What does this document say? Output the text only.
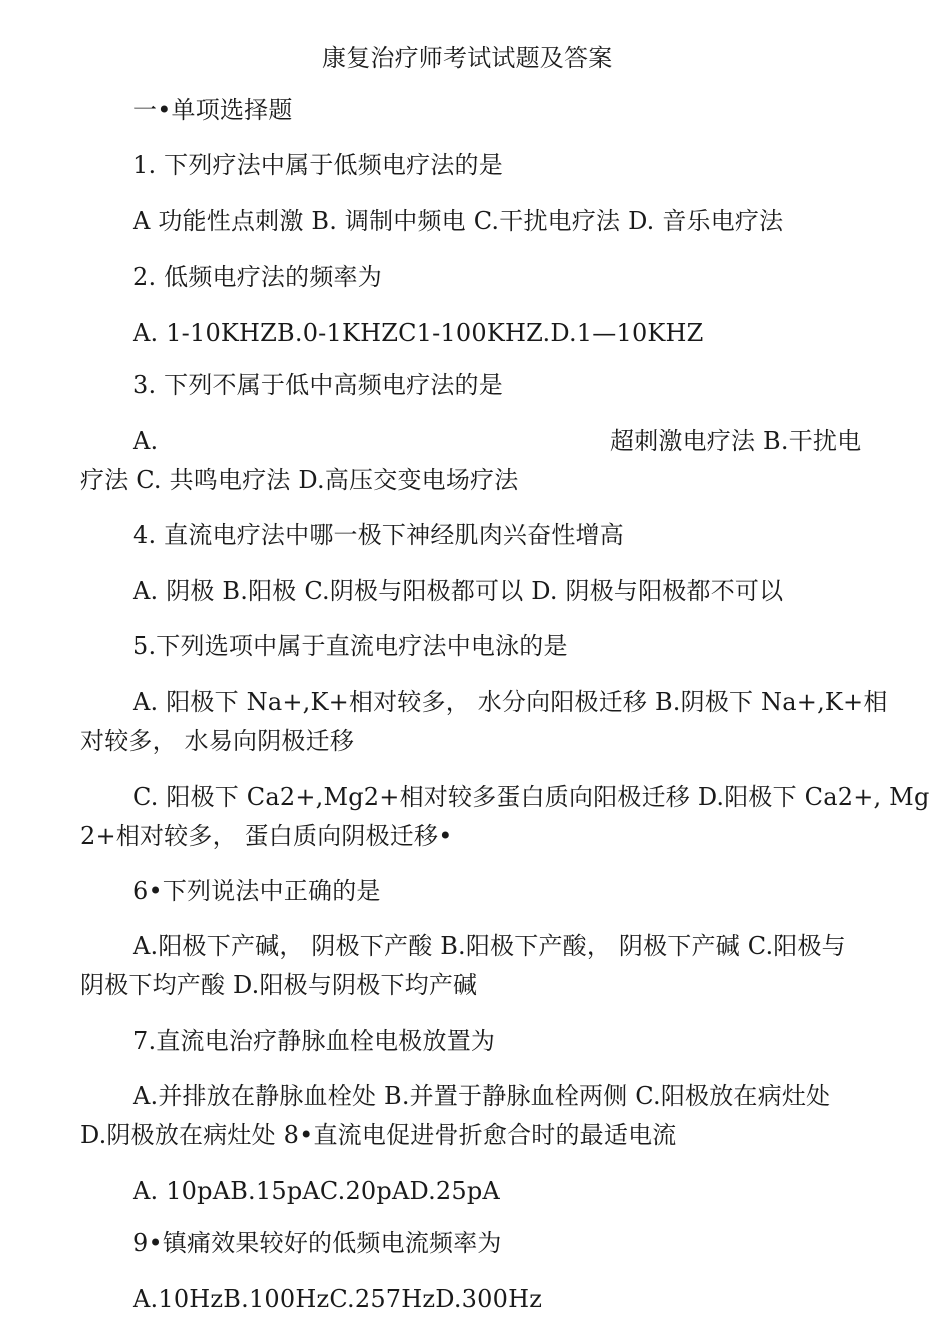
康复治疗师考试试题及答案
一•单项选择题
1. 下列疗法中属于低频电疗法的是
A 功能性点刺激 B. 调制中频电 C.干扰电疗法 D. 音乐电疗法
2. 低频电疗法的频率为
A. 1-10KHZB.0-1KHZC1-100KHZ.D.1—10KHZ
3. 下列不属于低中高频电疗法的是
A.	超刺激电疗法 B.干扰电
疗法 C. 共鸣电疗法 D.高压交变电场疗法
4. 直流电疗法中哪一极下神经肌肉兴奋性增高
A. 阴极 B.阳极 C.阴极与阳极都可以 D. 阴极与阳极都不可以
5.下列选项中属于直流电疗法中电泳的是
A. 阳极下 Na+,K+相对较多， 水分向阳极迁移 B.阴极下 Na+,K+相
对较多， 水易向阴极迁移
C. 阳极下 Ca2+,Mg2+相对较多蛋白质向阳极迁移 D.阳极下 Ca2+, Mg
2+相对较多， 蛋白质向阴极迁移•
6•下列说法中正确的是
A.阳极下产碱， 阴极下产酸 B.阳极下产酸， 阴极下产碱 C.阳极与
阴极下均产酸 D.阳极与阴极下均产碱
7.直流电治疗静脉血栓电极放置为
A.并排放在静脉血栓处 B.并置于静脉血栓两侧 C.阳极放在病灶处
D.阴极放在病灶处 8•直流电促进骨折愈合时的最适电流
A. 10pAB.15pAC.20pAD.25pA
9•镇痛效果较好的低频电流频率为
A.10HzB.100HzC.257HzD.300Hz
